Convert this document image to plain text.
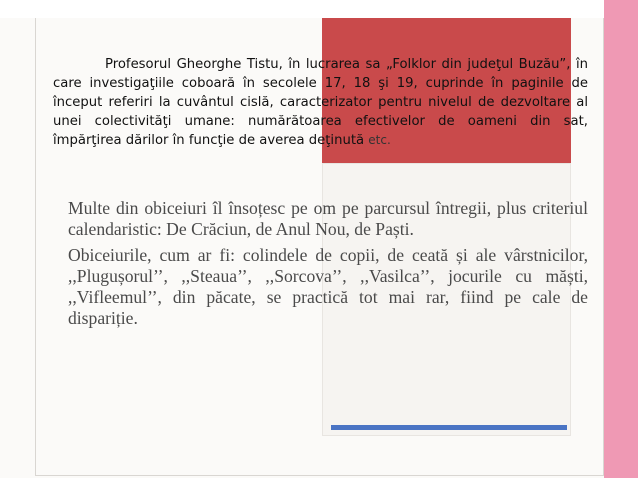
Profesorul Gheorghe Tistu, în lucrarea sa „Folklor din judeţul Buzău”, în care investigaţiile coboară în secolele 17, 18 şi 19, cuprinde în paginile de început referiri la cuvântul cislă, caracterizator pentru nivelul de dezvoltare al unei colectivităţi umane: numărătoarea efectivelor de oameni din sat, împărţirea dărilor în funcţie de averea deţinută etc.

Multe din obiceiuri îl însoțesc pe om pe parcursul întregii, plus criteriul calendaristic: De Crăciun, de Anul Nou, de Paști.

Obiceiurile, cum ar fi: colindele de copii, de ceată și ale vârstnicilor, ,,Plugușorul’’, ,,Steaua’’, ,,Sorcova’’, ,,Vasilca’’, jocurile cu măști, ,,Vifleemul’’, din păcate, se practică tot mai rar, fiind pe cale de dispariție.
